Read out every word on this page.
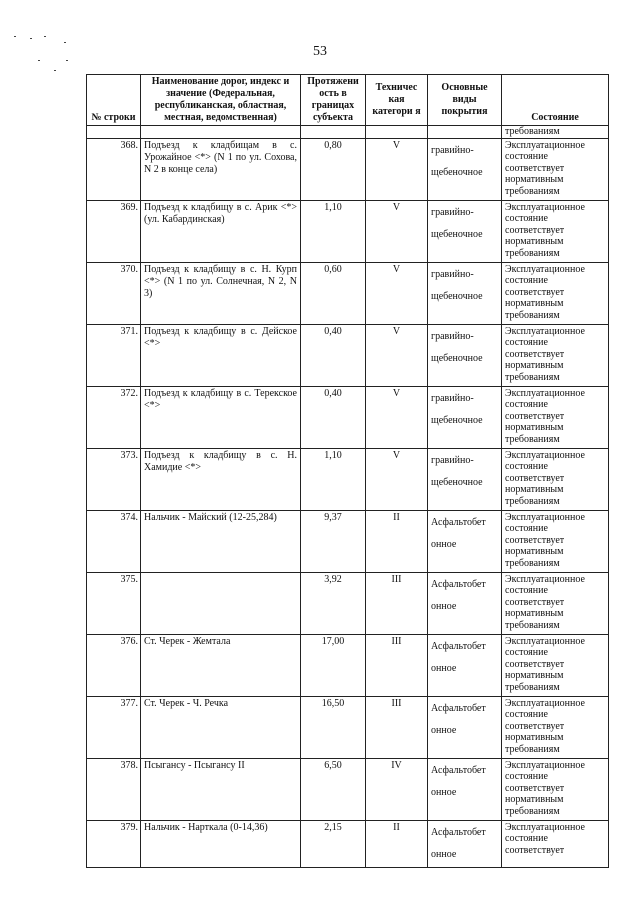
53
№ строки	Наименование дорог, индекс и значение (Федеральная, республиканская, областная, местная, ведомственная)	Протяжени ость в границах субъекта	Техничес кая категори я	Основные виды покрытия	Состояние
					требованиям
368.	Подъезд к кладбищам в с. Урожайное <*> (N 1 по ул. Сохова, N 2 в конце села)	0,80	V	гравийно-щебеночное	Эксплуатационное состояние соответствует нормативным требованиям
369.	Подъезд к кладбищу в с. Арик <*> (ул. Кабардинская)	1,10	V	гравийно-щебеночное	Эксплуатационное состояние соответствует нормативным требованиям
370.	Подъезд к кладбищу в с. Н. Курп <*> (N 1 по ул. Солнечная, N 2, N 3)	0,60	V	гравийно-щебеночное	Эксплуатационное состояние соответствует нормативным требованиям
371.	Подъезд к кладбищу в с. Дейское <*>	0,40	V	гравийно-щебеночное	Эксплуатационное состояние соответствует нормативным требованиям
372.	Подъезд к кладбищу в с. Терекское <*>	0,40	V	гравийно-щебеночное	Эксплуатационное состояние соответствует нормативным требованиям
373.	Подъезд к кладбищу в с. Н. Хамидие <*>	1,10	V	гравийно-щебеночное	Эксплуатационное состояние соответствует нормативным требованиям
374.	Нальчик - Майский (12-25,284)	9,37	II	Асфальтобет онное	Эксплуатационное состояние соответствует нормативным требованиям
375.		3,92	III	Асфальтобет онное	Эксплуатационное состояние соответствует нормативным требованиям
376.	Ст. Черек - Жемтала	17,00	III	Асфальтобет онное	Эксплуатационное состояние соответствует нормативным требованиям
377.	Ст. Черек - Ч. Речка	16,50	III	Асфальтобет онное	Эксплуатационное состояние соответствует нормативным требованиям
378.	Псыгансу - Псыгансу II	6,50	IV	Асфальтобет онное	Эксплуатационное состояние соответствует нормативным требованиям
379.	Нальчик - Нарткала (0-14,36)	2,15	II	Асфальтобет онное	Эксплуатационное состояние соответствует
